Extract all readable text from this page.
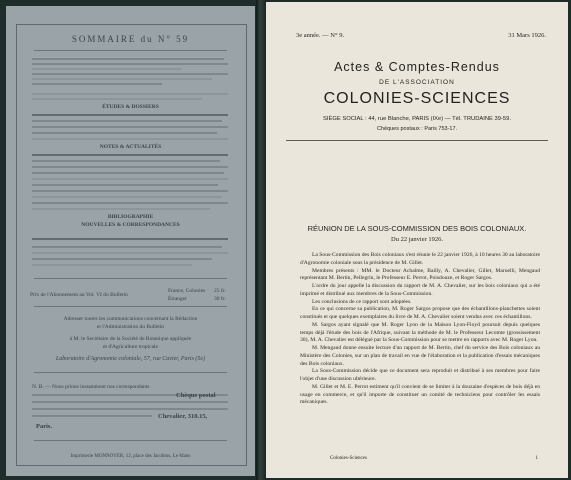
SOMMAIRE du N° 59
ÉTUDES & DOSSIERS
NOTES & ACTUALITÉS
BIBLIOGRAPHIE
NOUVELLES & CORRESPONDANCES
Prix de l'Abonnement au Vol. VI du Bulletin
France, Colonies 25 fr.
Étranger	30 fr.
Adresser toutes les communications concernant la Rédaction
et l'Administration du Bulletin
à M. le Secrétaire de la Société de Botanique appliquée
et d'Agriculture tropicale
Laboratoire d'Agronomie coloniale, 57, rue Cuvier, Paris (5e)
N. B. — Nous prions instamment nos correspondants
Chèque postal
Chevalier, 310.15,
Paris.
Imprimerie MONNOYER, 12, place des Jacobins, Le Mans
3e année. — N° 9.	31 Mars 1926.
Actes & Comptes-Rendus
DE L'ASSOCIATION
COLONIES-SCIENCES
SIÈGE SOCIAL : 44, rue Blanche, PARIS (IXe) — Tél. TRUDAINE 39-59.
Chèques postaux : Paris 753-17.
RÉUNION DE LA SOUS-COMMISSION DES BOIS COLONIAUX.
Du 22 janvier 1926.

La Sous-Commission des Bois coloniaux s'est réunie le 22 janvier 1926, à 10 heures 30 au laboratoire d'Agronomie coloniale sous la présidence de M. Gillet.

Membres présents : MM. le Docteur Achalme, Bailly, A. Chevalier, Gillet, Maruelli, Mengaud représentant M. Bertin, Pellegrin, le Professeur E. Perrot, Poisdouze, et Roger Sargos.

L'ordre du jour appelle la discussion du rapport de M. A. Chevalier, sur les bois coloniaux qui a été imprimé et distribué aux membres de la Sous-Commission.

Les conclusions de ce rapport sont adoptées.

En ce qui concerne sa publication, M. Roger Sargos propose que des échantillons-planchettes soient constitués et que quelques exemplaires du livre de M. A. Chevalier soient vendus avec ces échantillons.

M. Sargos ayant signalé que M. Roger Lyon de la Maison Lyon-Floyd poursuit depuis quelques temps déjà l'étude des bois de l'Afrique, suivant la méthode de M. le Professeur Lecomte (grossissement 30), M. A. Chevalier est délégué par la Sous-Commission pour se mettre en rapports avec M. Roger Lyon.

M. Mengaud donne ensuite lecture d'un rapport de M. Bertin, chef du service des Bois coloniaux au Ministère des Colonies, sur un plan de travail en vue de l'élaboration et la publication d'essais mécaniques des Bois coloniaux.

La Sous-Commission décide que ce document sera reproduit et distribué à ses membres pour faire l'objet d'une discussion ultérieure.

M. Gillet et M. E. Perrot estiment qu'il convient de se limiter à la douzaine d'espèces de bois déjà en usage en commerce, et qu'il importe de constituer un comité de techniciens pour contrôler les essais mécaniques.

Colonies-Sciences	1
